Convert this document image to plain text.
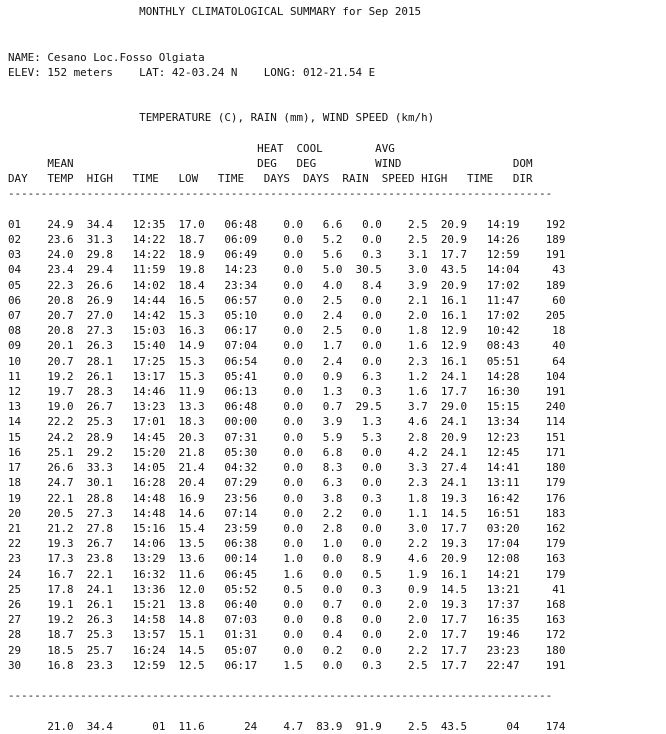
MONTHLY CLIMATOLOGICAL SUMMARY for Sep 2015

NAME: Cesano Loc.Fosso Olgiata
ELEV: 152 meters    LAT: 42-03.24 N    LONG: 012-21.54 E

TEMPERATURE (C), RAIN (mm), WIND SPEED (km/h)

HEAT  COOL        AVG
MEAN                            DEG   DEG         WIND                 DOM
DAY   TEMP  HIGH   TIME   LOW   TIME   DAYS  DAYS  RAIN  SPEED HIGH   TIME   DIR
-----------------------------------------------------------------------------------

01    24.9  34.4   12:35  17.0   06:48    0.0   6.6   0.0    2.5  20.9   14:19    192
02    23.6  31.3   14:22  18.7   06:09    0.0   5.2   0.0    2.5  20.9   14:26    189
03    24.0  29.8   14:22  18.9   06:49    0.0   5.6   0.3    3.1  17.7   12:59    191
04    23.4  29.4   11:59  19.8   14:23    0.0   5.0  30.5    3.0  43.5   14:04     43
05    22.3  26.6   14:02  18.4   23:34    0.0   4.0   8.4    3.9  20.9   17:02    189
06    20.8  26.9   14:44  16.5   06:57    0.0   2.5   0.0    2.1  16.1   11:47     60
07    20.7  27.0   14:42  15.3   05:10    0.0   2.4   0.0    2.0  16.1   17:02    205
08    20.8  27.3   15:03  16.3   06:17    0.0   2.5   0.0    1.8  12.9   10:42     18
09    20.1  26.3   15:40  14.9   07:04    0.0   1.7   0.0    1.6  12.9   08:43     40
10    20.7  28.1   17:25  15.3   06:54    0.0   2.4   0.0    2.3  16.1   05:51     64
11    19.2  26.1   13:17  15.3   05:41    0.0   0.9   6.3    1.2  24.1   14:28    104
12    19.7  28.3   14:46  11.9   06:13    0.0   1.3   0.3    1.6  17.7   16:30    191
13    19.0  26.7   13:23  13.3   06:48    0.0   0.7  29.5    3.7  29.0   15:15    240
14    22.2  25.3   17:01  18.3   00:00    0.0   3.9   1.3    4.6  24.1   13:34    114
15    24.2  28.9   14:45  20.3   07:31    0.0   5.9   5.3    2.8  20.9   12:23    151
16    25.1  29.2   15:20  21.8   05:30    0.0   6.8   0.0    4.2  24.1   12:45    171
17    26.6  33.3   14:05  21.4   04:32    0.0   8.3   0.0    3.3  27.4   14:41    180
18    24.7  30.1   16:28  20.4   07:29    0.0   6.3   0.0    2.3  24.1   13:11    179
19    22.1  28.8   14:48  16.9   23:56    0.0   3.8   0.3    1.8  19.3   16:42    176
20    20.5  27.3   14:48  14.6   07:14    0.0   2.2   0.0    1.1  14.5   16:51    183
21    21.2  27.8   15:16  15.4   23:59    0.0   2.8   0.0    3.0  17.7   03:20    162
22    19.3  26.7   14:06  13.5   06:38    0.0   1.0   0.0    2.2  19.3   17:04    179
23    17.3  23.8   13:29  13.6   00:14    1.0   0.0   8.9    4.6  20.9   12:08    163
24    16.7  22.1   16:32  11.6   06:45    1.6   0.0   0.5    1.9  16.1   14:21    179
25    17.8  24.1   13:36  12.0   05:52    0.5   0.0   0.3    0.9  14.5   13:21     41
26    19.1  26.1   15:21  13.8   06:40    0.0   0.7   0.0    2.0  19.3   17:37    168
27    19.2  26.3   14:58  14.8   07:03    0.0   0.8   0.0    2.0  17.7   16:35    163
28    18.7  25.3   13:57  15.1   01:31    0.0   0.4   0.0    2.0  17.7   19:46    172
29    18.5  25.7   16:24  14.5   05:07    0.0   0.2   0.0    2.2  17.7   23:23    180
30    16.8  23.3   12:59  12.5   06:17    1.5   0.0   0.3    2.5  17.7   22:47    191

-----------------------------------------------------------------------------------

21.0  34.4      01  11.6      24    4.7  83.9  91.9    2.5  43.5      04    174
